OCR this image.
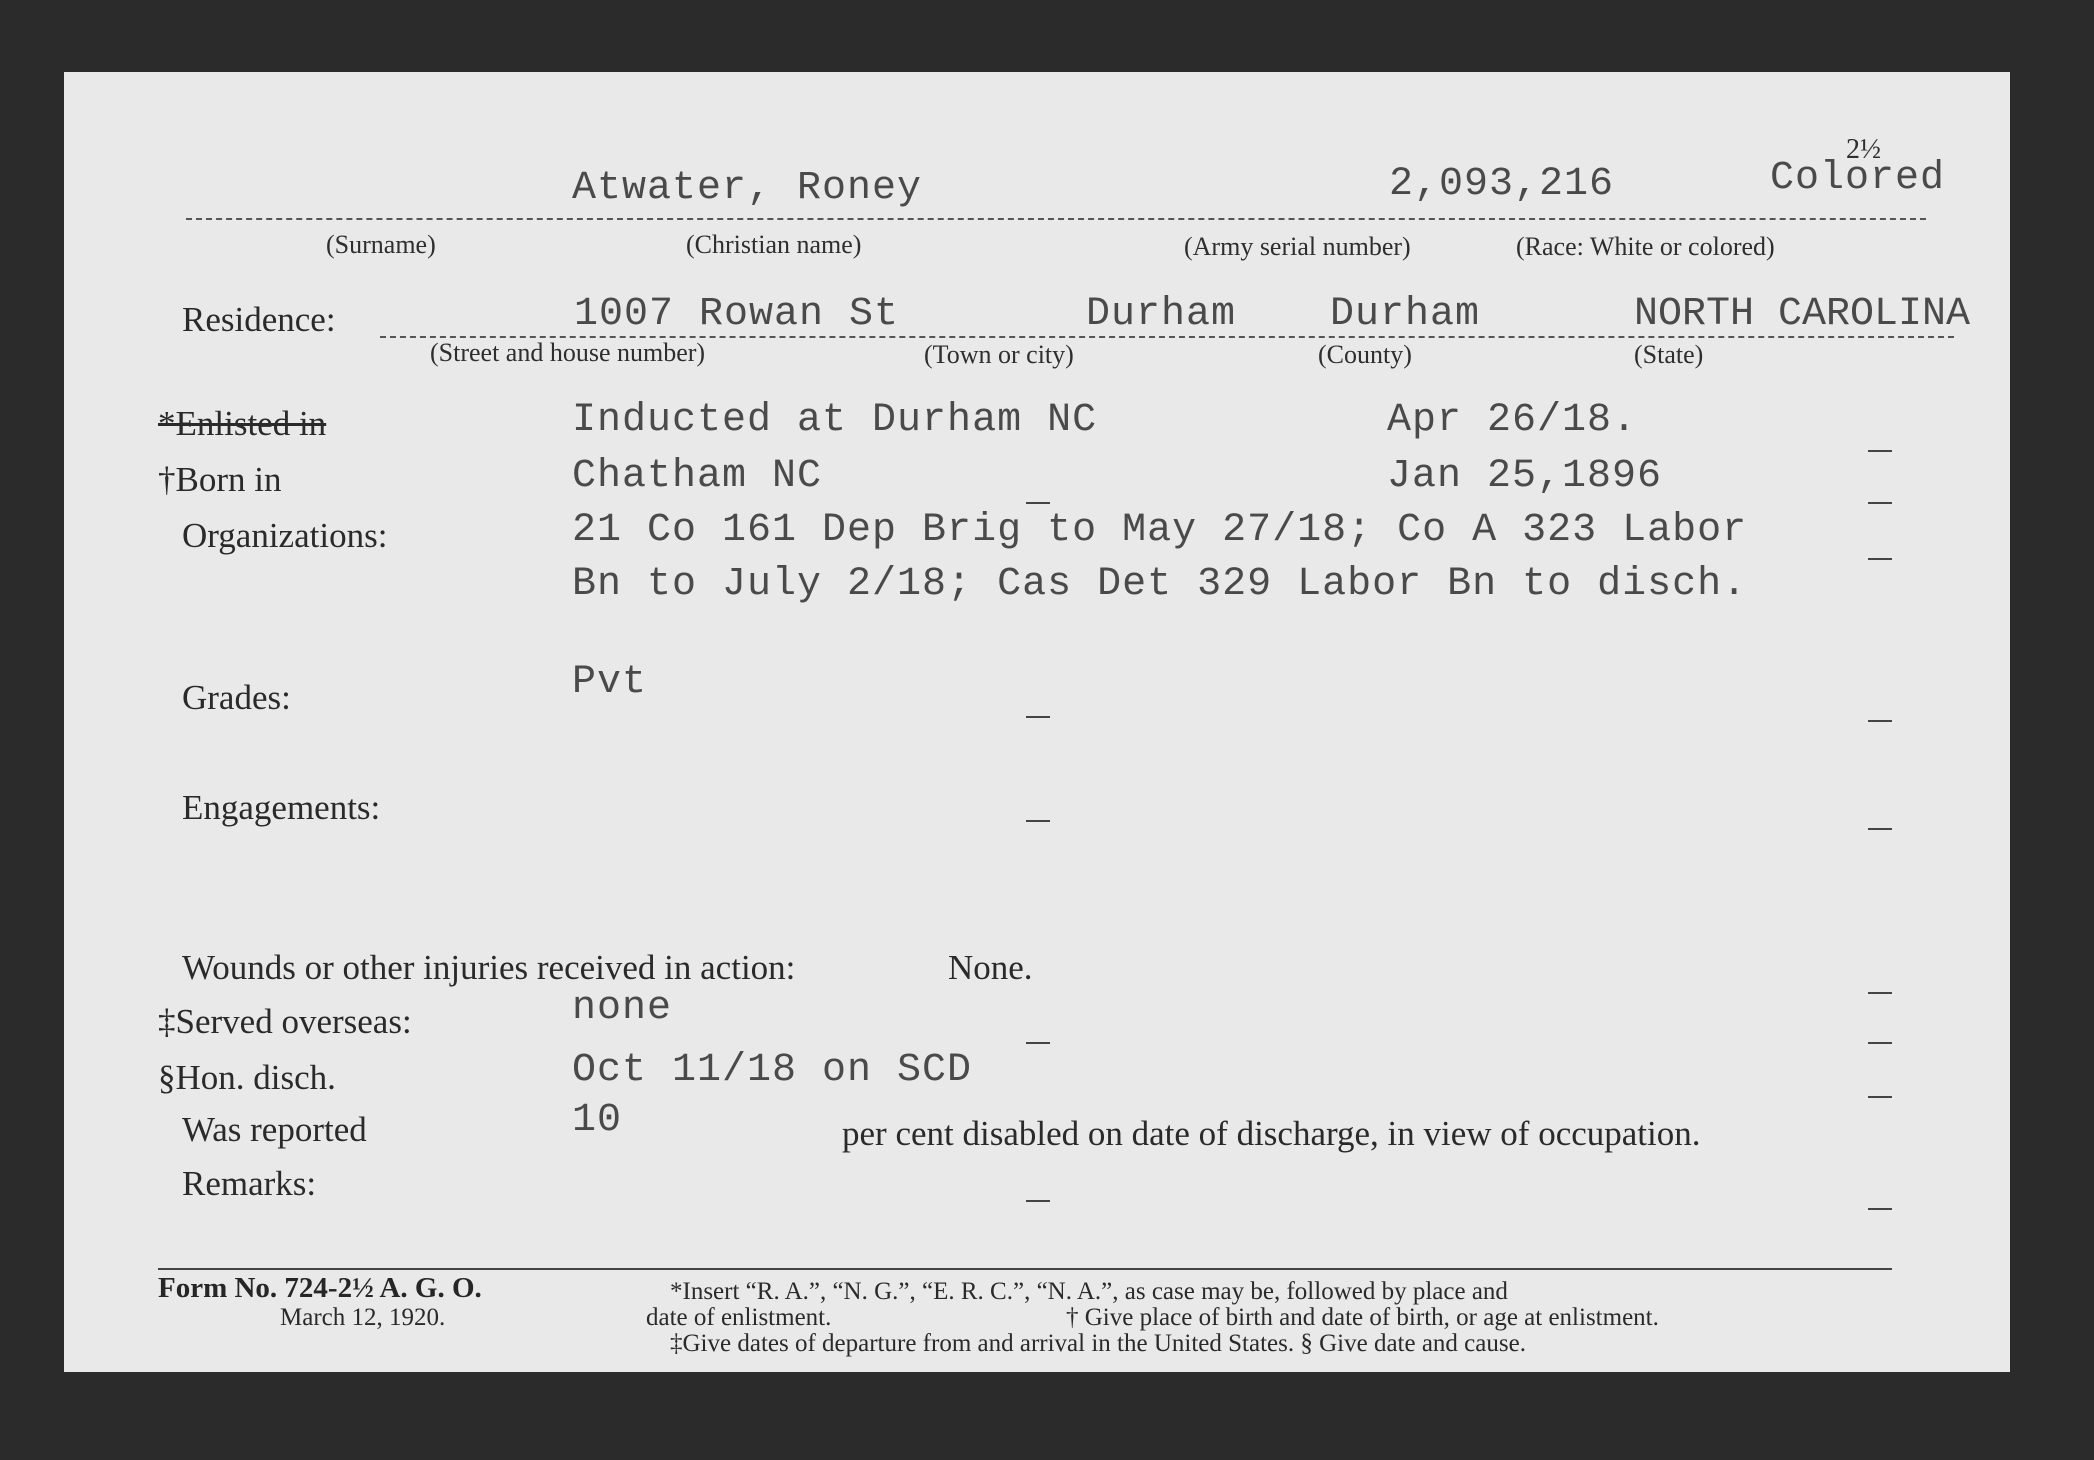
Atwater, Roney	2,093,216	Colored
2½
(Surname)	(Christian name)	(Army serial number)	(Race: White or colored)
Residence:	1007 Rowan St	Durham Durham	NORTH CAROLINA
(Street and house number)	(Town or city)	(County)	(State)
*Enlisted in	Inducted at Durham NC	Apr 26/18.
†Born in	Chatham NC	Jan 25,1896
Organizations:	21 Co 161 Dep Brig to May 27/18; Co A 323 Labor
Bn to July 2/18; Cas Det 329 Labor Bn to disch.
Grades:	Pvt
Engagements:
Wounds or other injuries received in action:	None.
‡Served overseas:	none
§Hon. disch.	Oct 11/18 on SCD
Was reported	10	per cent disabled on date of discharge, in view of occupation.
Remarks:
Form No. 724-2½ A. G. O.
March 12, 1920.
*Insert “R. A.”, “N. G.”, “E. R. C.”, “N. A.”, as case may be, followed by place and
date of enlistment.	† Give place of birth and date of birth, or age at enlistment.
‡Give dates of departure from and arrival in the United States. § Give date and cause.
